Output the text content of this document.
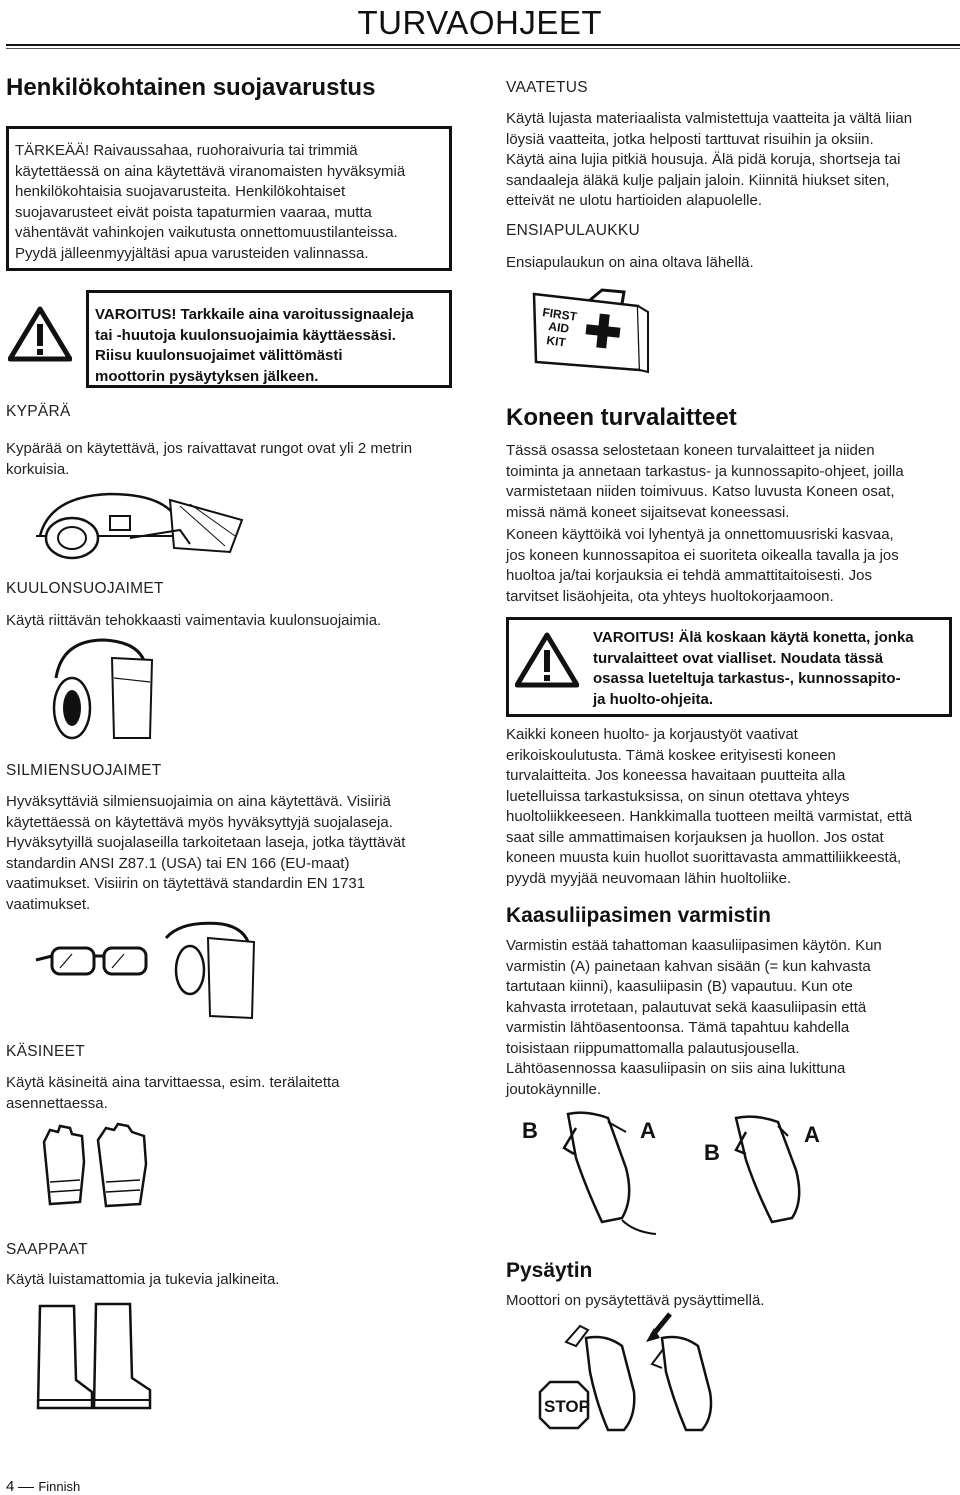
TURVAOHJEET
Henkilökohtainen suojavarustus
TÄRKEÄÄ! Raivaussahaa, ruohoraivuria tai trimmiä
käytettäessä on aina käytettävä viranomaisten hyväksymiä
henkilökohtaisia suojavarusteita. Henkilökohtaiset
suojavarusteet eivät poista tapaturmien vaaraa, mutta
vähentävät vahinkojen vaikutusta onnettomuustilanteissa.
Pyydä jälleenmyyjältäsi apua varusteiden valinnassa.
VAROITUS! Tarkkaile aina varoitussignaaleja
tai -huutoja kuulonsuojaimia käyttäessäsi.
Riisu kuulonsuojaimet välittömästi
moottorin pysäytyksen jälkeen.
KYPÄRÄ
Kypärää on käytettävä, jos raivattavat rungot ovat yli 2 metrin
korkuisia.
KUULONSUOJAIMET
Käytä riittävän tehokkaasti vaimentavia kuulonsuojaimia.
SILMIENSUOJAIMET
Hyväksyttäviä silmiensuojaimia on aina käytettävä. Visiiriä
käytettäessä on käytettävä myös hyväksyttyjä suojalaseja.
Hyväksytyillä suojalaseilla tarkoitetaan laseja, jotka täyttävät
standardin ANSI Z87.1 (USA) tai EN 166 (EU-maat)
vaatimukset. Visiirin on täytettävä standardin EN 1731
vaatimukset.
KÄSINEET
Käytä käsineitä aina tarvittaessa, esim. terälaitetta
asennettaessa.
SAAPPAAT
Käytä luistamattomia ja tukevia jalkineita.
VAATETUS
Käytä lujasta materiaalista valmistettuja vaatteita ja vältä liian
löysiä vaatteita, jotka helposti tarttuvat risuihin ja oksiin.
Käytä aina lujia pitkiä housuja. Älä pidä koruja, shortseja tai
sandaaleja äläkä kulje paljain jaloin. Kiinnitä hiukset siten,
etteivät ne ulotu hartioiden alapuolelle.
ENSIAPULAUKKU
Ensiapulaukun on aina oltava lähellä.
FIRST
AID
KIT
Koneen turvalaitteet
Tässä osassa selostetaan koneen turvalaitteet ja niiden
toiminta ja annetaan tarkastus- ja kunnossapito-ohjeet, joilla
varmistetaan niiden toimivuus. Katso luvusta Koneen osat,
missä nämä koneet sijaitsevat koneessasi.
Koneen käyttöikä voi lyhentyä ja onnettomuusriski kasvaa,
jos koneen kunnossapitoa ei suoriteta oikealla tavalla ja jos
huoltoa ja/tai korjauksia ei tehdä ammattitaitoisesti. Jos
tarvitset lisäohjeita, ota yhteys huoltokorjaamoon.
VAROITUS! Älä koskaan käytä konetta, jonka
turvalaitteet ovat vialliset. Noudata tässä
osassa lueteltuja tarkastus-, kunnossapito-
ja huolto-ohjeita.
Kaikki koneen huolto- ja korjaustyöt vaativat
erikoiskoulutusta. Tämä koskee erityisesti koneen
turvalaitteita. Jos koneessa havaitaan puutteita alla
luetelluissa tarkastuksissa, on sinun otettava yhteys
huoltoliikkeeseen. Hankkimalla tuotteen meiltä varmistat, että
saat sille ammattimaisen korjauksen ja huollon. Jos ostat
koneen muusta kuin huollot suorittavasta ammattiliikkeestä,
pyydä myyjää neuvomaan lähin huoltoliike.
Kaasuliipasimen varmistin
Varmistin estää tahattoman kaasuliipasimen käytön. Kun
varmistin (A) painetaan kahvan sisään (= kun kahvasta
tartutaan kiinni), kaasuliipasin (B) vapautuu. Kun ote
kahvasta irrotetaan, palautuvat sekä kaasuliipasin että
varmistin lähtöasentoonsa. Tämä tapahtuu kahdella
toisistaan riippumattomalla palautusjousella.
Lähtöasennossa kaasuliipasin on siis aina lukittuna
joutokäynnille.
B	A
B
A
Pysäytin
Moottori on pysäytettävä pysäyttimellä.
STOP
4 Finnish
